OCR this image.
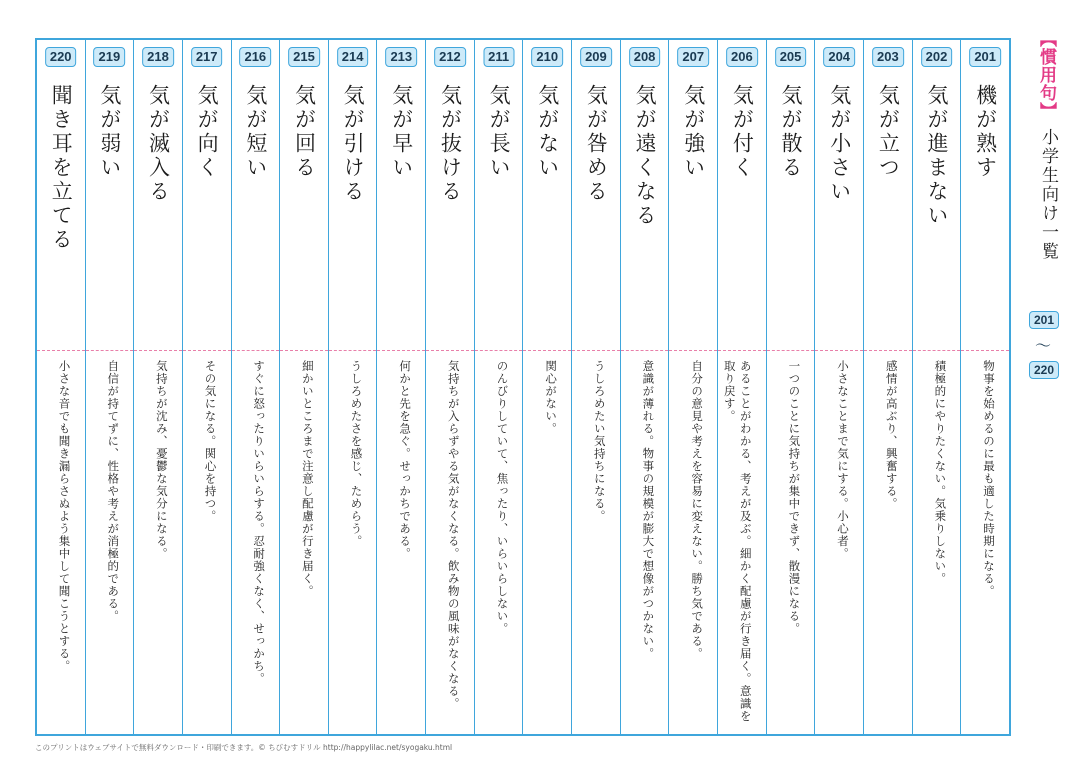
201
機が熟す
物事を始めるのに最も適した時期になる。
202
気が進まない
積極的にやりたくない。気乗りしない。
203
気が立つ
感情が高ぶり、興奮する。
204
気が小さい
小さなことまで気にする。小心者。
205
気が散る
一つのことに気持ちが集中できず、散漫になる。
206
気が付く
あることがわかる、考えが及ぶ。細かく配慮が行き届く。意識を取り戻す。
207
気が強い
自分の意見や考えを容易に変えない。勝ち気である。
208
気が遠くなる
意識が薄れる。物事の規模が膨大で想像がつかない。
209
気が咎める
うしろめたい気持ちになる。
210
気がない
関心がない。
211
気が長い
のんびりしていて、焦ったり、いらいらしない。
212
気が抜ける
気持ちが入らずやる気がなくなる。飲み物の風味がなくなる。
213
気が早い
何かと先を急ぐ。せっかちである。
214
気が引ける
うしろめたさを感じ、ためらう。
215
気が回る
細かいところまで注意し配慮が行き届く。
216
気が短い
すぐに怒ったりいらいらする。忍耐強くなく、せっかち。
217
気が向く
その気になる。関心を持つ。
218
気が滅入る
気持ちが沈み、憂鬱な気分になる。
219
気が弱い
自信が持てずに、性格や考えが消極的である。
220
聞き耳を立てる
小さな音でも聞き漏らさぬよう集中して聞こうとする。
【慣用句】
小学生向け一覧
201
〜
220
このプリントはウェブサイトで無料ダウンロード・印刷できます。© ちびむすドリル http://happylilac.net/syogaku.html
